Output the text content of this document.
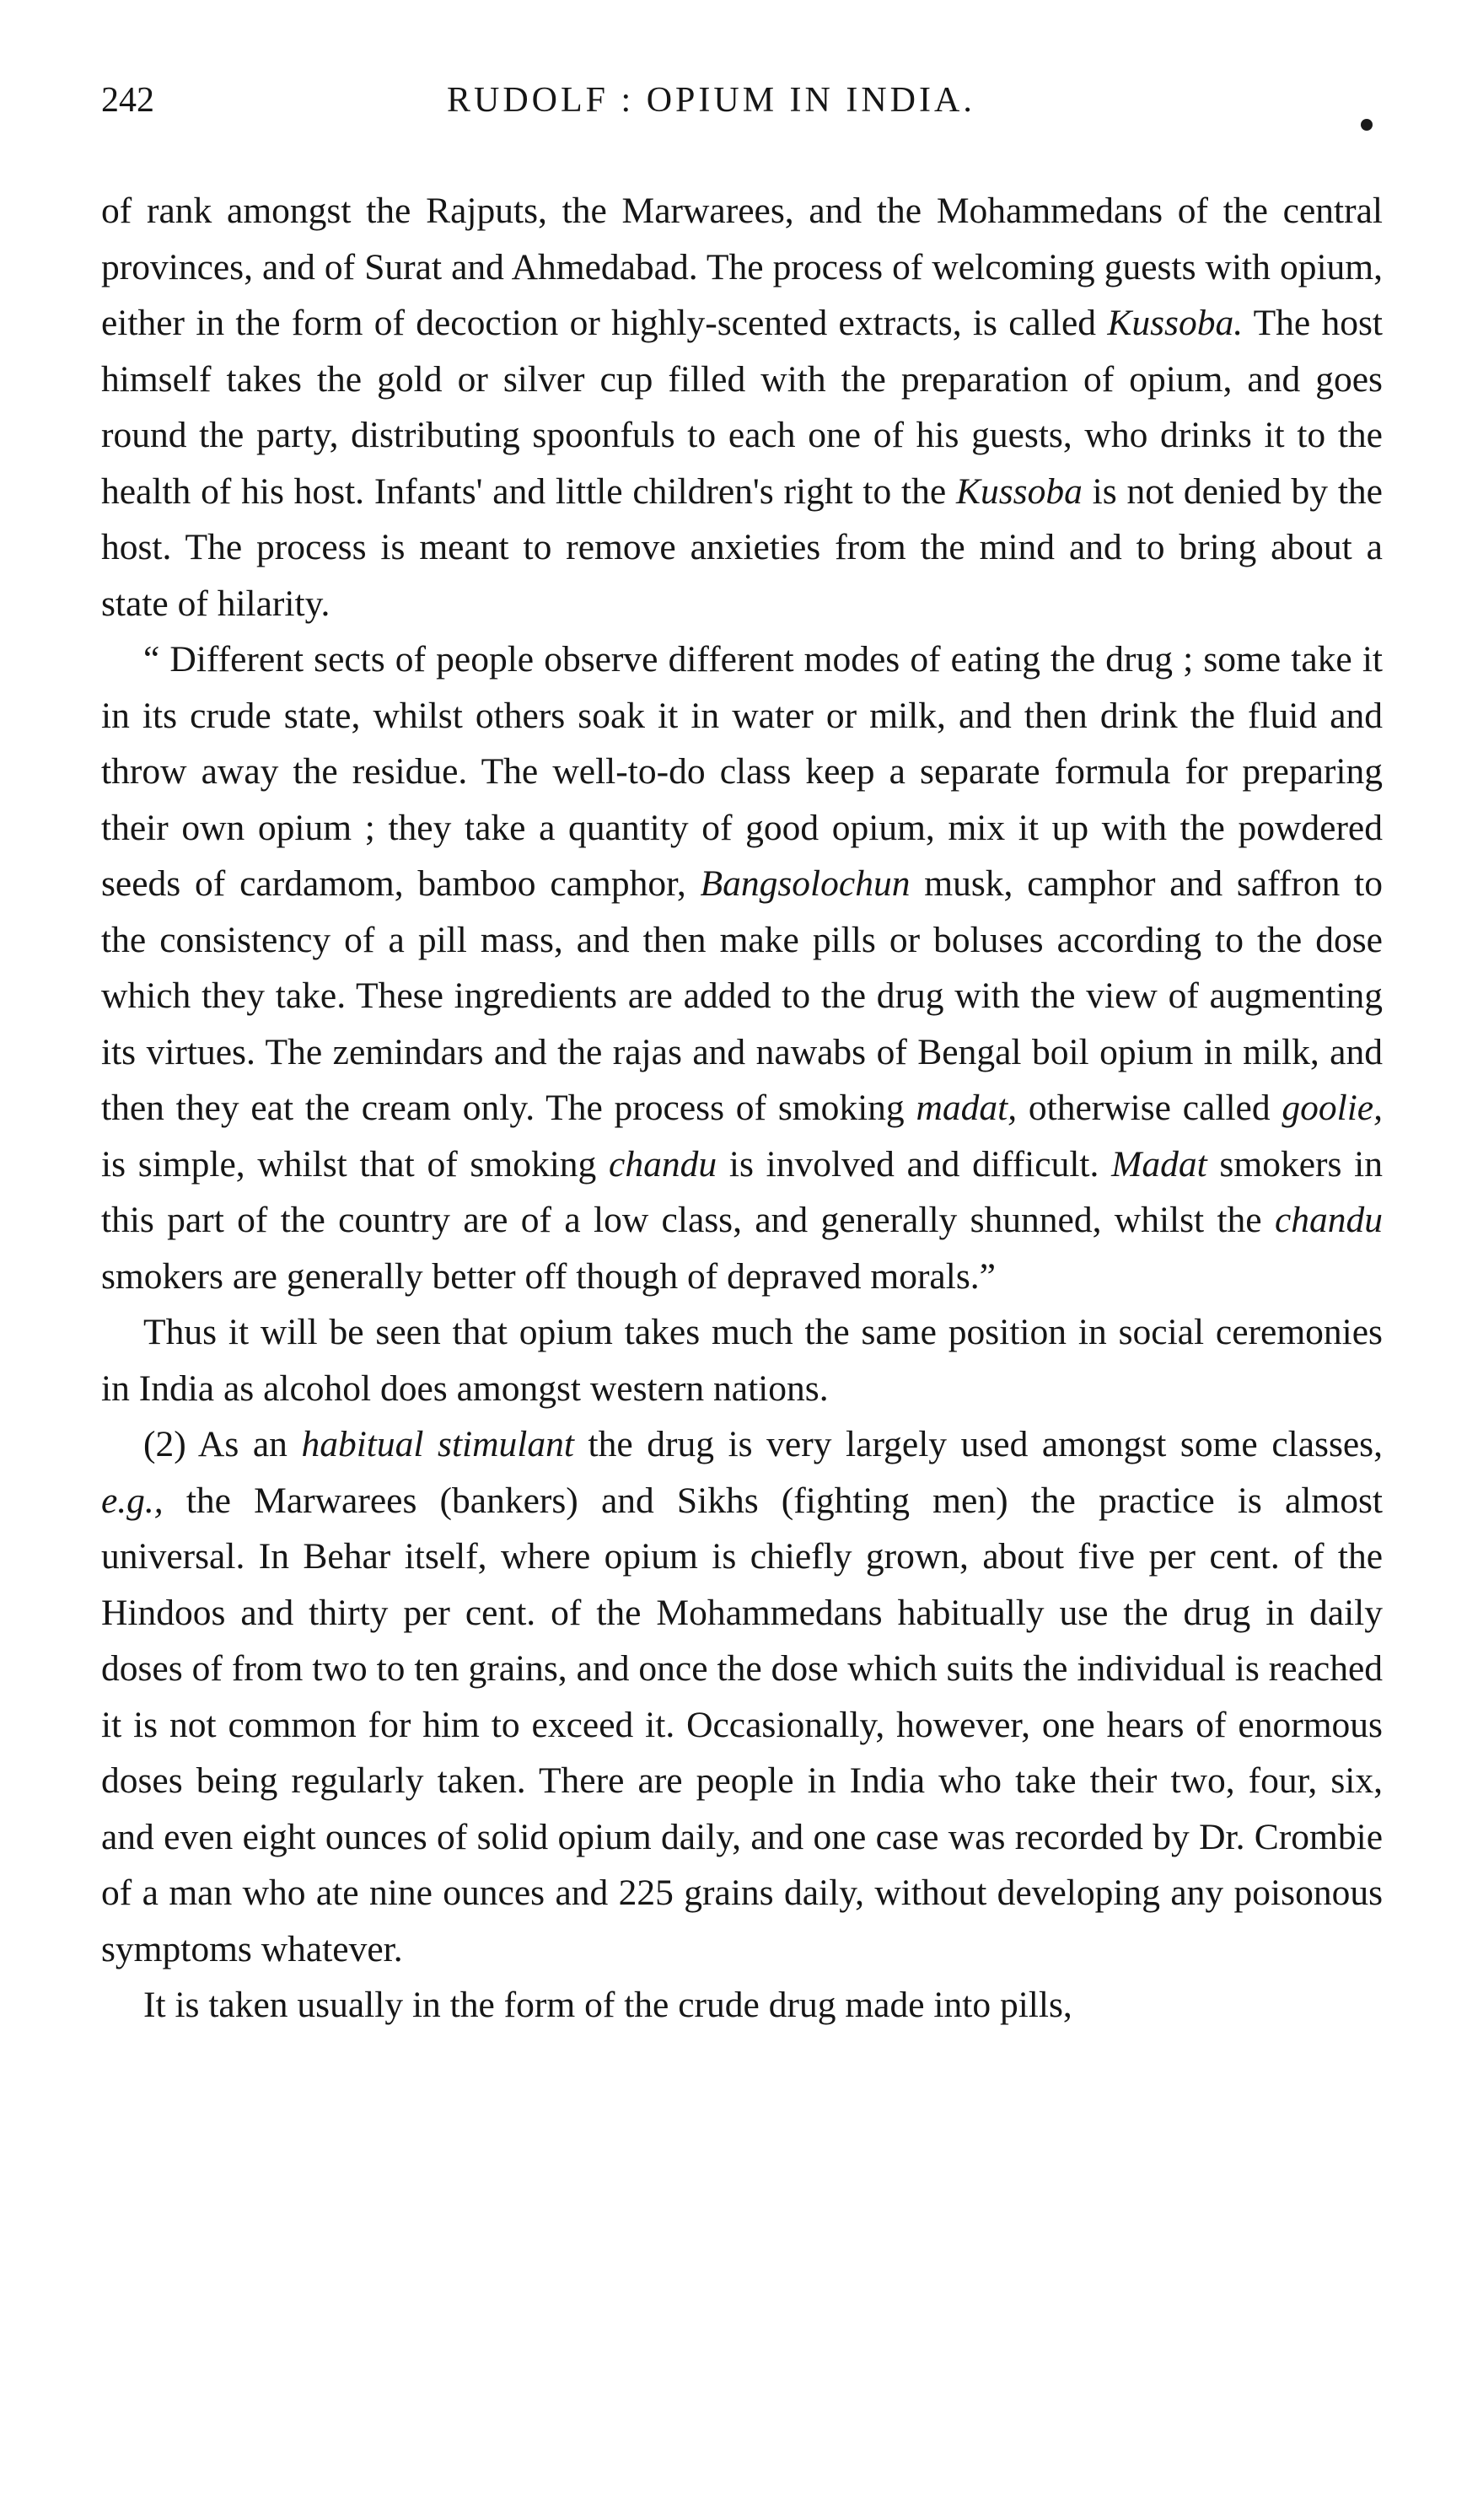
242	RUDOLF : OPIUM IN INDIA.

of rank amongst the Rajputs, the Marwarees, and the Mohammedans of the central provinces, and of Surat and Ahmedabad. The process of welcoming guests with opium, either in the form of decoction or highly-scented extracts, is called Kussoba. The host himself takes the gold or silver cup filled with the preparation of opium, and goes round the party, distributing spoonfuls to each one of his guests, who drinks it to the health of his host. Infants' and little children's right to the Kussoba is not denied by the host. The process is meant to remove anxieties from the mind and to bring about a state of hilarity.

“ Different sects of people observe different modes of eating the drug ; some take it in its crude state, whilst others soak it in water or milk, and then drink the fluid and throw away the residue. The well-to-do class keep a separate formula for preparing their own opium ; they take a quantity of good opium, mix it up with the powdered seeds of cardamom, bamboo camphor, Bangsolochun musk, camphor and saffron to the consistency of a pill mass, and then make pills or boluses according to the dose which they take. These ingredients are added to the drug with the view of augmenting its virtues. The zemindars and the rajas and nawabs of Bengal boil opium in milk, and then they eat the cream only. The process of smoking madat, otherwise called goolie, is simple, whilst that of smoking chandu is involved and difficult. Madat smokers in this part of the country are of a low class, and generally shunned, whilst the chandu smokers are generally better off though of depraved morals.”

Thus it will be seen that opium takes much the same position in social ceremonies in India as alcohol does amongst western nations.

(2) As an habitual stimulant the drug is very largely used amongst some classes, e.g., the Marwarees (bankers) and Sikhs (fighting men) the practice is almost universal. In Behar itself, where opium is chiefly grown, about five per cent. of the Hindoos and thirty per cent. of the Mohammedans habitually use the drug in daily doses of from two to ten grains, and once the dose which suits the individual is reached it is not common for him to exceed it. Occasionally, however, one hears of enormous doses being regularly taken. There are people in India who take their two, four, six, and even eight ounces of solid opium daily, and one case was recorded by Dr. Crombie of a man who ate nine ounces and 225 grains daily, without developing any poisonous symptoms whatever.

It is taken usually in the form of the crude drug made into pills,
